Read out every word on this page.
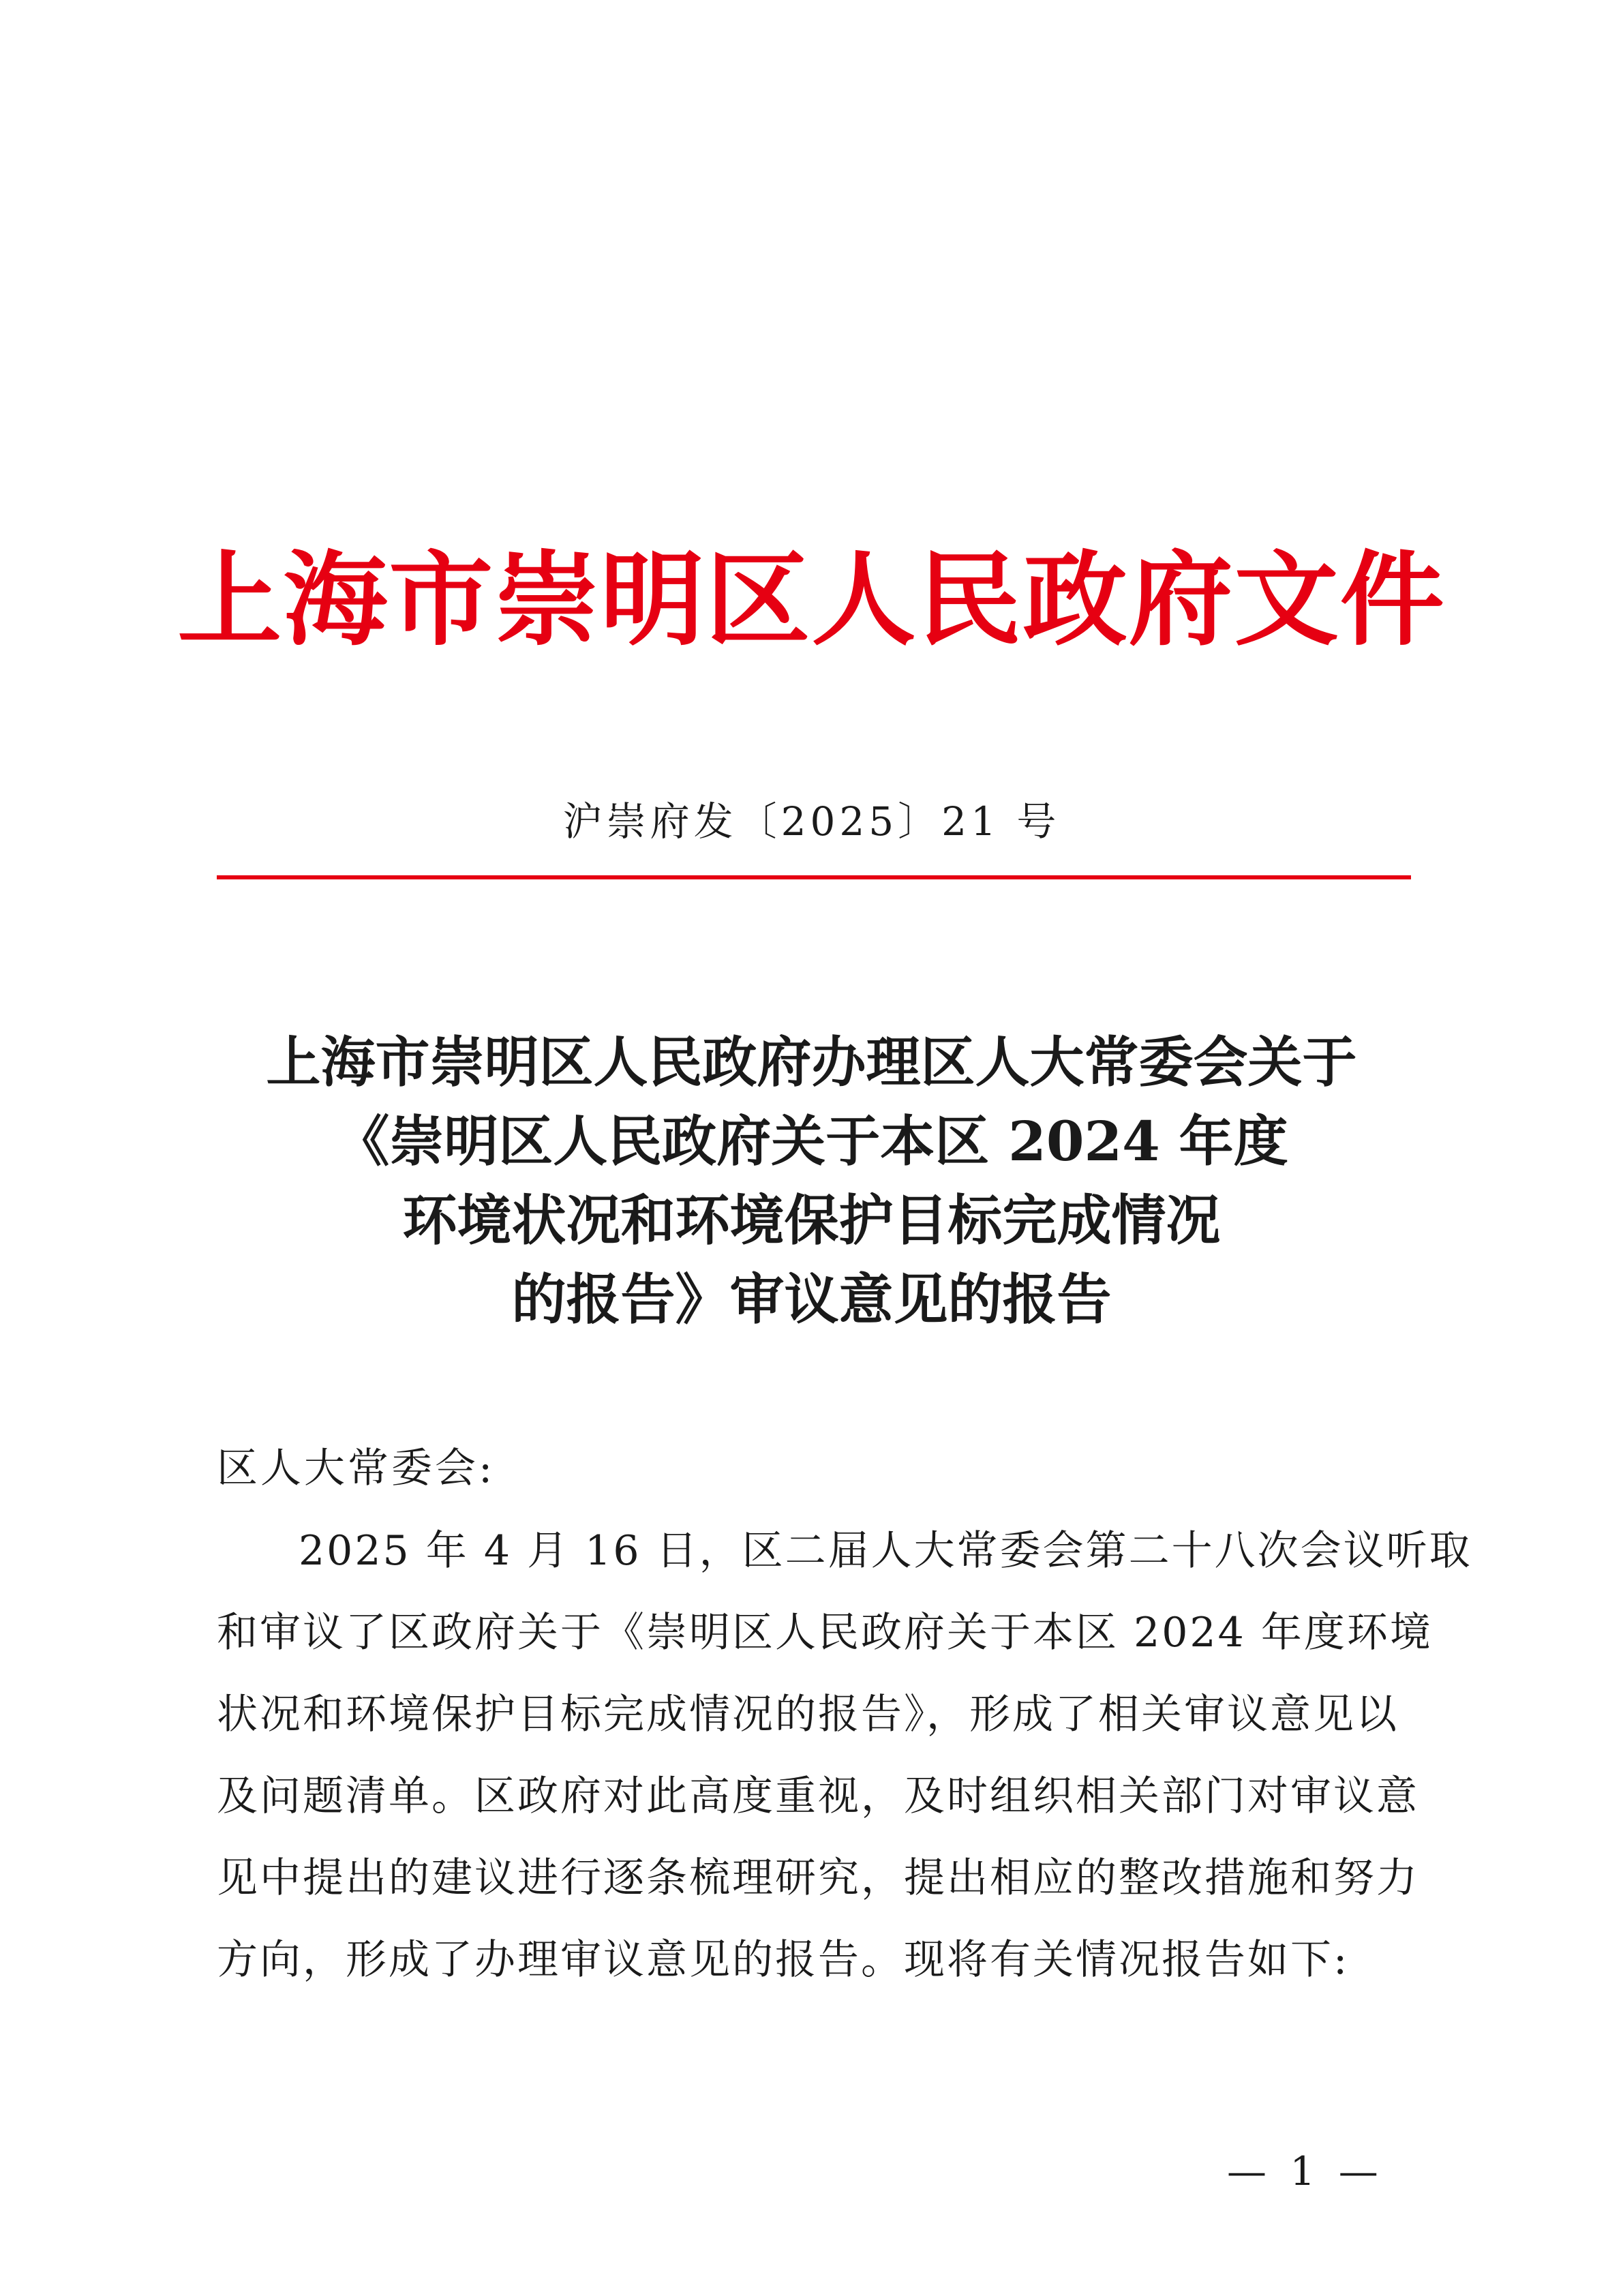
上海市崇明区人民政府文件
沪崇府发〔2025〕21 号
上海市崇明区人民政府办理区人大常委会关于
《崇明区人民政府关于本区 2024 年度
环境状况和环境保护目标完成情况
的报告》审议意见的报告
区人大常委会:
2025 年 4 月 16 日，区二届人大常委会第二十八次会议听取
和审议了区政府关于《崇明区人民政府关于本区 2024 年度环境
状况和环境保护目标完成情况的报告》，形成了相关审议意见以
及问题清单。区政府对此高度重视，及时组织相关部门对审议意
见中提出的建议进行逐条梳理研究，提出相应的整改措施和努力
方向，形成了办理审议意见的报告。现将有关情况报告如下:
— 1 —
